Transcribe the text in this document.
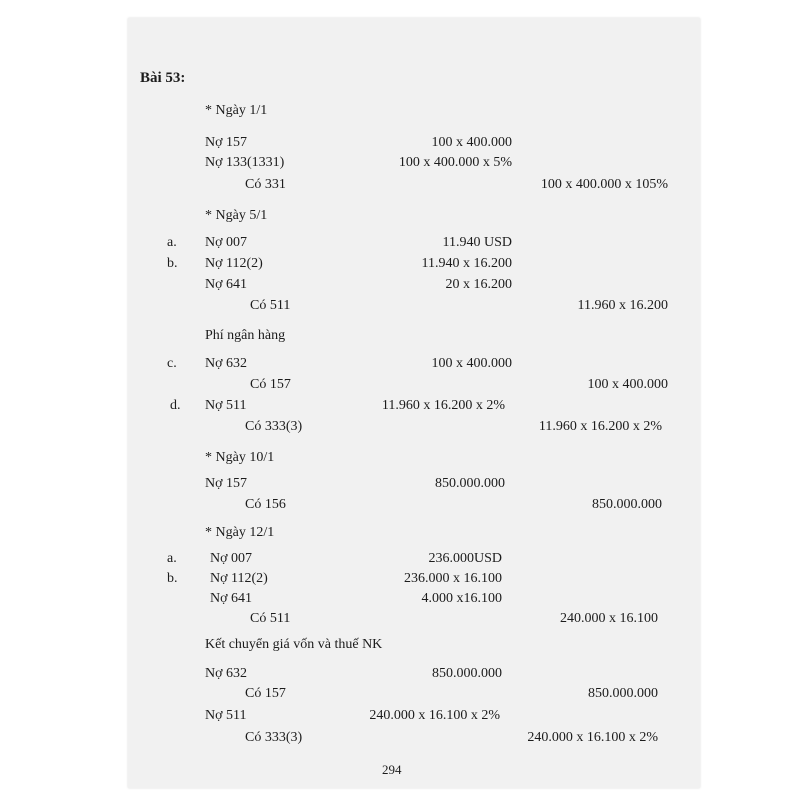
Bài 53:
* Ngày 1/1
Nợ 157	100 x 400.000
Nợ 133(1331)	100 x 400.000 x 5%
Có 331	100 x 400.000 x 105%
* Ngày 5/1
a. Nợ 007	11.940 USD
b. Nợ 112(2)	11.940 x 16.200
Nợ 641	20 x 16.200
Có 511	11.960 x 16.200
Phí ngân hàng
c. Nợ 632	100 x 400.000
Có 157	100 x 400.000
d. Nợ 511	11.960 x 16.200 x 2%
Có 333(3)	11.960 x 16.200 x 2%
* Ngày 10/1
Nợ 157	850.000.000
Có 156	850.000.000
* Ngày 12/1
a. Nợ 007	236.000USD
b. Nợ 112(2)	236.000 x 16.100
Nợ 641	4.000 x16.100
Có 511	240.000 x 16.100
Kết chuyển giá vốn và thuế NK
Nợ 632	850.000.000
Có 157	850.000.000
Nợ 511	240.000 x 16.100 x 2%
Có 333(3)	240.000 x 16.100 x 2%
294
